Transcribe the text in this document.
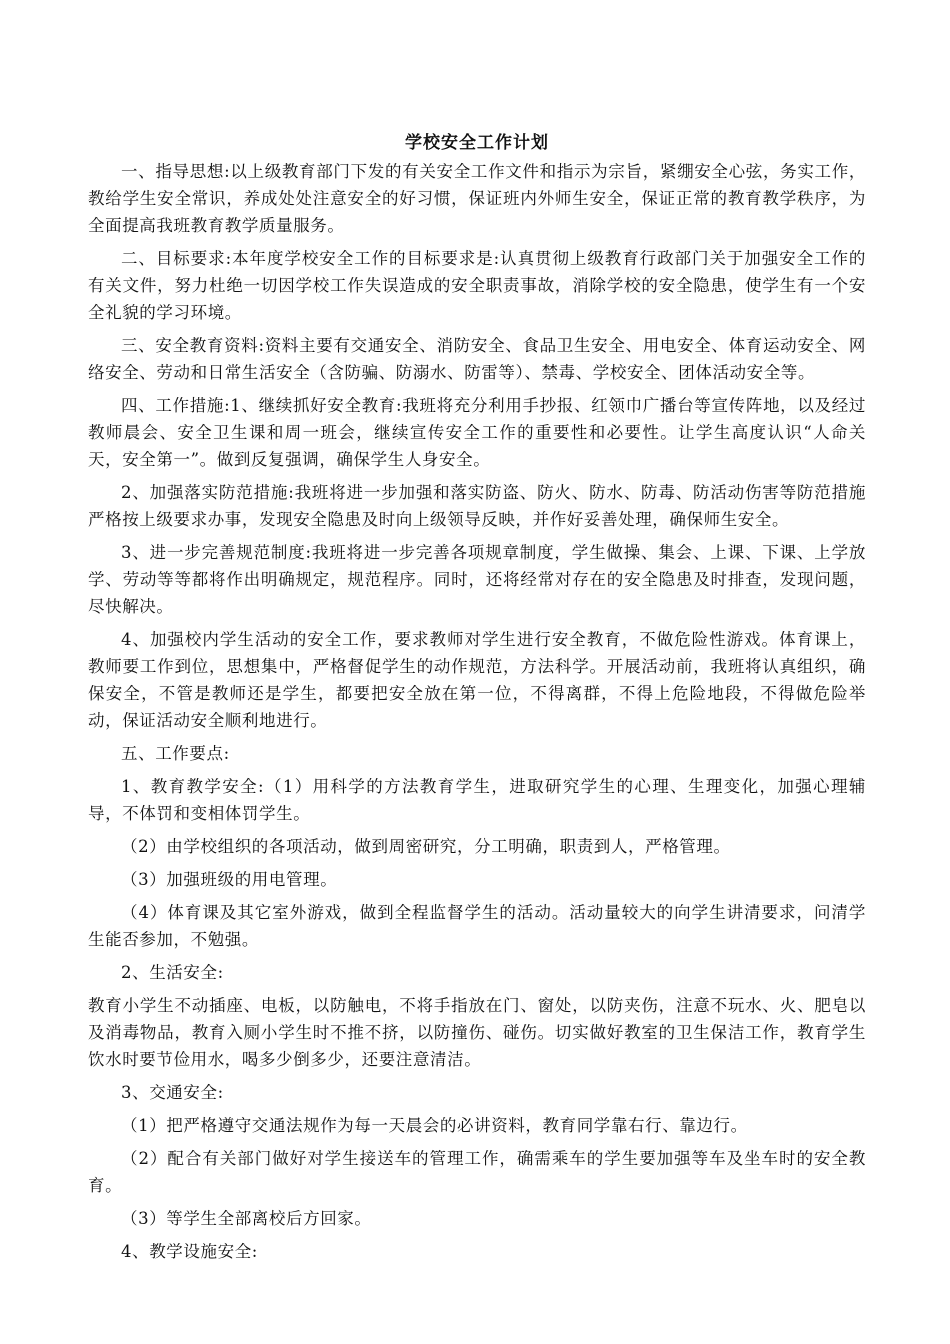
学校安全工作计划

一、指导思想:以上级教育部门下发的有关安全工作文件和指示为宗旨，紧绷安全心弦，务实工作，教给学生安全常识，养成处处注意安全的好习惯，保证班内外师生安全，保证正常的教育教学秩序，为全面提高我班教育教学质量服务。

二、目标要求:本年度学校安全工作的目标要求是:认真贯彻上级教育行政部门关于加强安全工作的有关文件，努力杜绝一切因学校工作失误造成的安全职责事故，消除学校的安全隐患，使学生有一个安全礼貌的学习环境。

三、安全教育资料:资料主要有交通安全、消防安全、食品卫生安全、用电安全、体育运动安全、网络安全、劳动和日常生活安全（含防骗、防溺水、防雷等）、禁毒、学校安全、团体活动安全等。

四、工作措施:1、继续抓好安全教育:我班将充分利用手抄报、红领巾广播台等宣传阵地，以及经过教师晨会、安全卫生课和周一班会，继续宣传安全工作的重要性和必要性。让学生高度认识“人命关天，安全第一”。做到反复强调，确保学生人身安全。

2、加强落实防范措施:我班将进一步加强和落实防盗、防火、防水、防毒、防活动伤害等防范措施严格按上级要求办事，发现安全隐患及时向上级领导反映，并作好妥善处理，确保师生安全。

3、进一步完善规范制度:我班将进一步完善各项规章制度，学生做操、集会、上课、下课、上学放学、劳动等等都将作出明确规定，规范程序。同时，还将经常对存在的安全隐患及时排查，发现问题，尽快解决。

4、加强校内学生活动的安全工作，要求教师对学生进行安全教育，不做危险性游戏。体育课上，教师要工作到位，思想集中，严格督促学生的动作规范，方法科学。开展活动前，我班将认真组织，确保安全，不管是教师还是学生，都要把安全放在第一位，不得离群，不得上危险地段，不得做危险举动，保证活动安全顺利地进行。

五、工作要点:

1、教育教学安全:（1）用科学的方法教育学生，进取研究学生的心理、生理变化，加强心理辅导，不体罚和变相体罚学生。

（2）由学校组织的各项活动，做到周密研究，分工明确，职责到人，严格管理。

（3）加强班级的用电管理。

（4）体育课及其它室外游戏，做到全程监督学生的活动。活动量较大的向学生讲清要求，问清学生能否参加，不勉强。

2、生活安全:

教育小学生不动插座、电板，以防触电，不将手指放在门、窗处，以防夹伤，注意不玩水、火、肥皂以及消毒物品，教育入厕小学生时不推不挤，以防撞伤、碰伤。切实做好教室的卫生保洁工作，教育学生饮水时要节俭用水，喝多少倒多少，还要注意清洁。

3、交通安全:

（1）把严格遵守交通法规作为每一天晨会的必讲资料，教育同学靠右行、靠边行。

（2）配合有关部门做好对学生接送车的管理工作，确需乘车的学生要加强等车及坐车时的安全教育。

（3）等学生全部离校后方回家。

4、教学设施安全:
